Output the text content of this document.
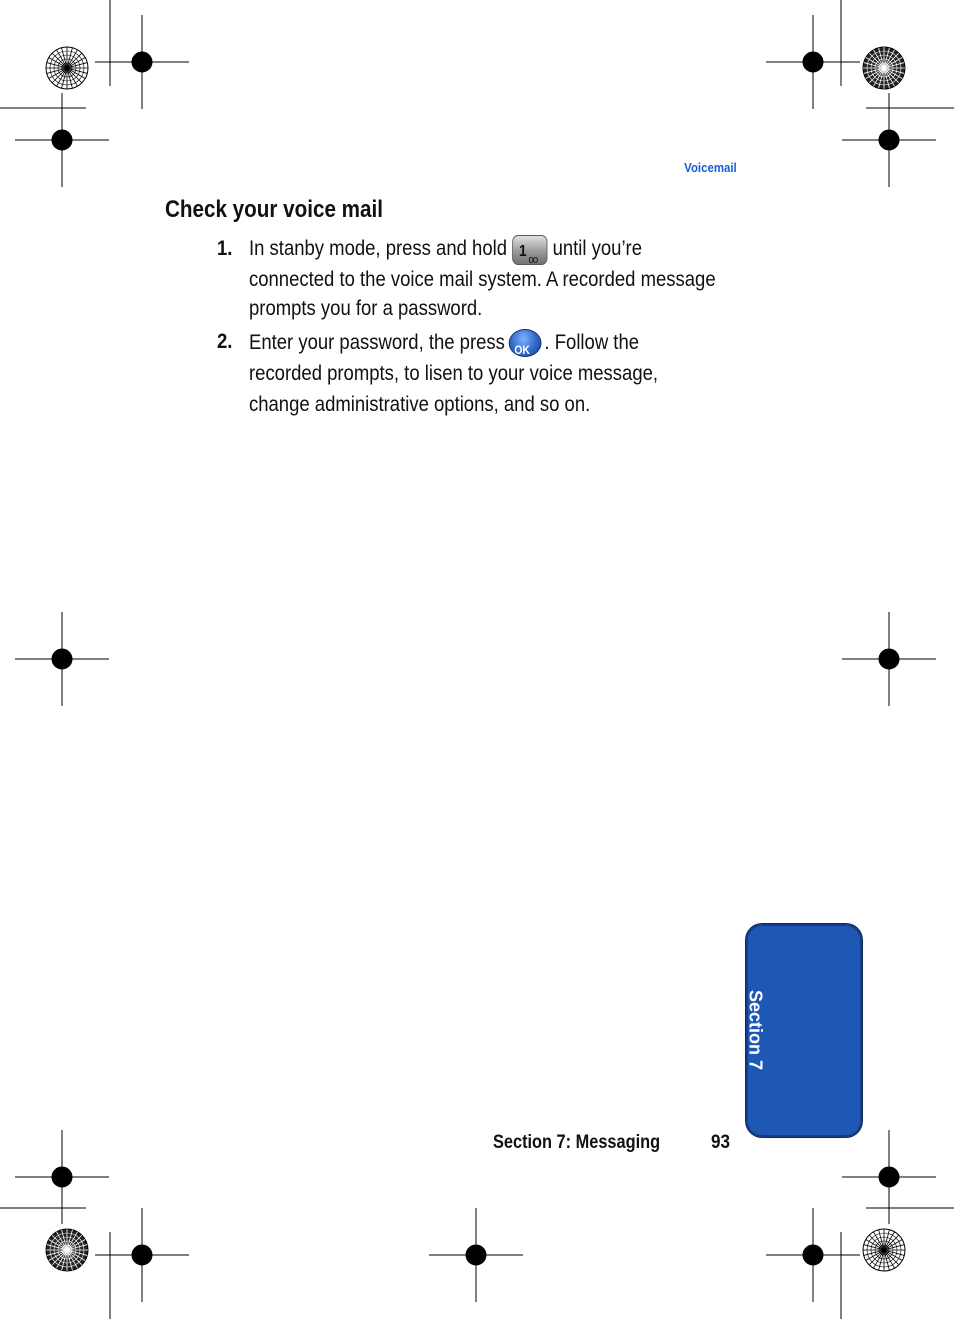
Voicemail
Check your voice mail
1. In stanby mode, press and hold 1 oo until you’re
connected to the voice mail system. A recorded message
prompts you for a password.
2. Enter your password, the press OK . Follow the
recorded prompts, to lisen to your voice message,
change administrative options, and so on.
Section 7
Section 7: Messaging	93
